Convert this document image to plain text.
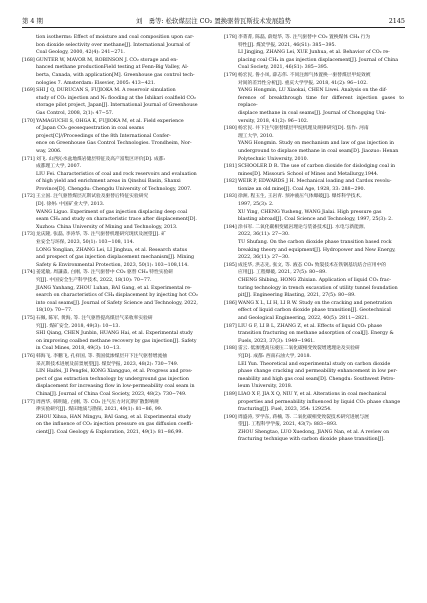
第 4 期	刘　勇等: 松软煤层注 CO₂ 置换驱替瓦斯技术发展趋势	2145
tion isotherms: Effect of moisture and coal composition upon car-
bon dioxide selectivity over methane[J]. International Journal of
Coal Geology, 2000, 42(4): 241−271.
[168] GUNTER W, MAVOR M, ROBINSON J. CO₂ storage and en-
hanced methane productionField testing at Fenn-Big Valley, Al-
berta, Canada, with application[M]. Greenhouse gas control tech-
nologies 7. Amsterdam: Elsevier, 2005: 413−421.
[169] SHI J Q, DURUCAN S, FUJIOKA M. A reservoir simulation
study of CO₂ injection and N₂ flooding at the Ishikari coalfield CO₂
storage pilot project, Japan[J]. International Journal of Greenhouse
Gas Control, 2008, 2(1): 47−57.
[170] YAMAGUCHI S, OHGA K, FUJIOKA M, et al. Field experience
of Japan CO₂ geosequestration in coal seams
project[C]//Proceedings of the 8th International Confer-
ence on Greenhouse Gas Control Technologies. Trondheim, Nor-
way, 2006.
[171] 刘飞. 山西沁水盆地煤岩储层特征及高产富集区评价[D]. 成都:
成都理工大学, 2007.
LIU Fei. Characteristics of coal and rock reservoirs and evaluation
of high yield and enrichment areas in Qinshui Basin, Shanxi
Province[D]. Chengdu: Chengdu University of Technology, 2007.
[172] 王立国. 注气驱替煤层瓦斯试验及驱替后特征实验研究
[D]. 徐州: 中国矿业大学, 2013.
WANG Liguo. Experiment of gas injection displacing deep coal
seam CH₄ and study on characteristic trace after displacement[D].
Xuzhou: China University of Mining and Technology, 2013.
[173] 龙庆隆, 张磊, 李涛华, 等. 注气驱替机理研究现状及展望[J]. 矿
业安全与环保, 2023, 50(1): 103−108, 114.
LONG Yonglian, ZHANG Lei, LI Jinghua, et al. Research status
and prospect of gas injection displacement mechanism[J]. Mining
Safety & Environmental Protection, 2023, 50(1): 103−108,114.
[174] 姜延敏, 周謙淼, 白刚, 等. 注气驱替中 CO₂ 驱替 CH₄ 特性实验研
究[J]. 中国安全生产科学技术, 2022, 18(10): 70−77.
JIANG Yanhang, ZHOU Luhan, BAI Gang, et al. Experimental re-
search on characteristics of CH₄ displacement by injecting hot CO₂
into coal seams[J]. Journal of Safety Science and Technology, 2022,
18(10): 70−77.
[175] 石佩, 陈军, 黄海, 等. 注气驱替提高煤层气采收率实验研
究[J]. 煤矿安全, 2018, 49(3): 10−13.
SHI Qiang, CHEN Junbin, HUANG Hai, et al. Experimental study
on improving coalbed methane recovery by gas injection[J]. Safety
in Coal Mines, 2018, 49(3): 10−13.
[176] 韩海飞, 李鹏飞, 孔祥国, 等. 我国低渗煤层开下注气驱替增流抽
采瓦斯技术进展及前景展望[J]. 煤炭学报, 2023, 48(2): 730−749.
LIN Haifei, JI Pengfei, KONG Xiangguo, et al. Progress and pros-
pect of gas extraction technology by underground gas injection
displacement for increasing flow in low-permeability coal seam in
China[J]. Journal of China Coal Society, 2023, 48(2): 730−749.
[177] 周西华, 韩明迪, 白刚, 等. CO₂ 注气压力对瓦斯扩散影响规
律实验研究[J]. 煤田地质与勘探, 2021, 49(1): 81−86, 99.
ZHOU Xihua, HAN Mingyu, BAI Gang, et al. Experimental study
on the influence of CO₂ injection pressure on gas diffusion coeffi-
cient[J]. Coal Geology & Exploration, 2021, 49(1): 81−86,99.
[178] 李菁菁, 陈磊, 薛煜华, 等. 注气驱替中 CO₂ 置换煤体 CH₄ 行为
特性[J]. 煤炭学报, 2021, 46(S1): 385−395.
LI Jingjing, ZHANG Lei, XUE Junhua, et al. Behavior of CO₂ re-
placing coal CH₄ in gas injection displacement[J]. Journal of China
Coal Society, 2021, 46(S1): 385−395.
[179] 杨宏民, 鲁小凤, 薛志伟. 不同注源气体置换一驱替煤层甲烷效被
对间的差异性分析[J]. 重庆大学学报, 2018, 41(2): 96−102.
YANG Hongmin, LU Xiaokai, CHEN Liwei. Analysis on the dif-
ference of breakthrough time for different injection gases to replace-
displace methane in coal seams[J]. Journal of Chongqing Uni-
versity, 2018, 41(2): 96−102.
[180] 杨宏民. 井下注气驱替煤层甲烷机理及规律研究[D]. 焦作: 河南
理工大学, 2010.
YANG Hongmin. Study on mechanism and law of gas injection in
underground to displace methane in coal seam[D]. Jiaozuo: Henan
Polytechnic University, 2010.
[181] SCHOOLER D R. The use of carbon dioxide for dislodging coal in
mines[D]. Missouri: School of Mines and Metallurgy,1944.
[182] WEIR P, EDWARDS J H. Mechanical loading and Cardox revolu-
tionize an old mine[J]. Coal Age, 1928, 33: 288−290.
[183] 徐洲, 程玉生, 王岩青. 预冲液压气体爆破[J]. 爆炸科学技术,
1997, 25(3): 2.
XU Ying, CHENG Yusheng, WANG Jialai. High pressure gas
blasting abroad[J]. Coal Science and Technology, 1997, 25(3): 2.
[184] 涂书军. 二氧化碳相变破岩理论与装备技术[J]. 水电与新能源,
2022, 36(11): 27−30.
TU Shufang. On the carbon dioxide phase transition based rock
breaking theory and equipment[J]. Hydropower and New Energy,
2022, 36(11): 27−30.
[185] 成连华, 洪志先, 张文, 等. 液态 CO₂ 致裂技术在铁钢基坑结合应用中的
应用[J]. 工程爆破, 2021, 27(5): 80−89.
CHENG Shibing, HONG Zhixian. Application of liquid CO₂ frac-
turing technology in trench excavation of utility tunnel foundation
pit[J]. Engineering Blasting, 2021, 27(5): 80−89.
[186] WANG X L, LI H, LI R W. Study on the cracking and penetration
effect of liquid carbon dioxide phase transition[J]. Geotechnical
and Geological Engineering, 2022, 40(5): 2811−2821.
[187] LIU G F, LI B L, ZHANG Z, et al. Effects of liquid CO₂ phase
transition fracturing on methane adsorption of coal[J]. Energy &
Fuels, 2023, 37(3): 1949−1961.
[188] 雷云. 低渗透高压液压二氧化碳相变致裂增透理论及实验研
究[D]. 成都: 西南石油大学, 2018.
LEI Yun. Theoretical and experimental study on carbon dioxide
phase change cracking and permeability enhancement in low per-
meability and high gas coal seam[D]. Chengdu: Southwest Petro-
leum University, 2018.
[189] LIAO X F, JIA X Q, NIU Y, et al. Alterations in coal mechanical
properties and permeability influenced by liquid CO₂ phase change
fracturing[J]. Fuel, 2023, 354: 129254.
[190] 周盛涛, 罗学东, 蒋楠, 等. 二氧化碳相变致裂技术研究进展与展
望[J]. 工程科学学报, 2021, 43(7): 883−893.
ZHOU Shengtao, LUO Xuedong, JIANG Nan, et al. A review on
fracturing technique with carbon dioxide phase transition[J].
